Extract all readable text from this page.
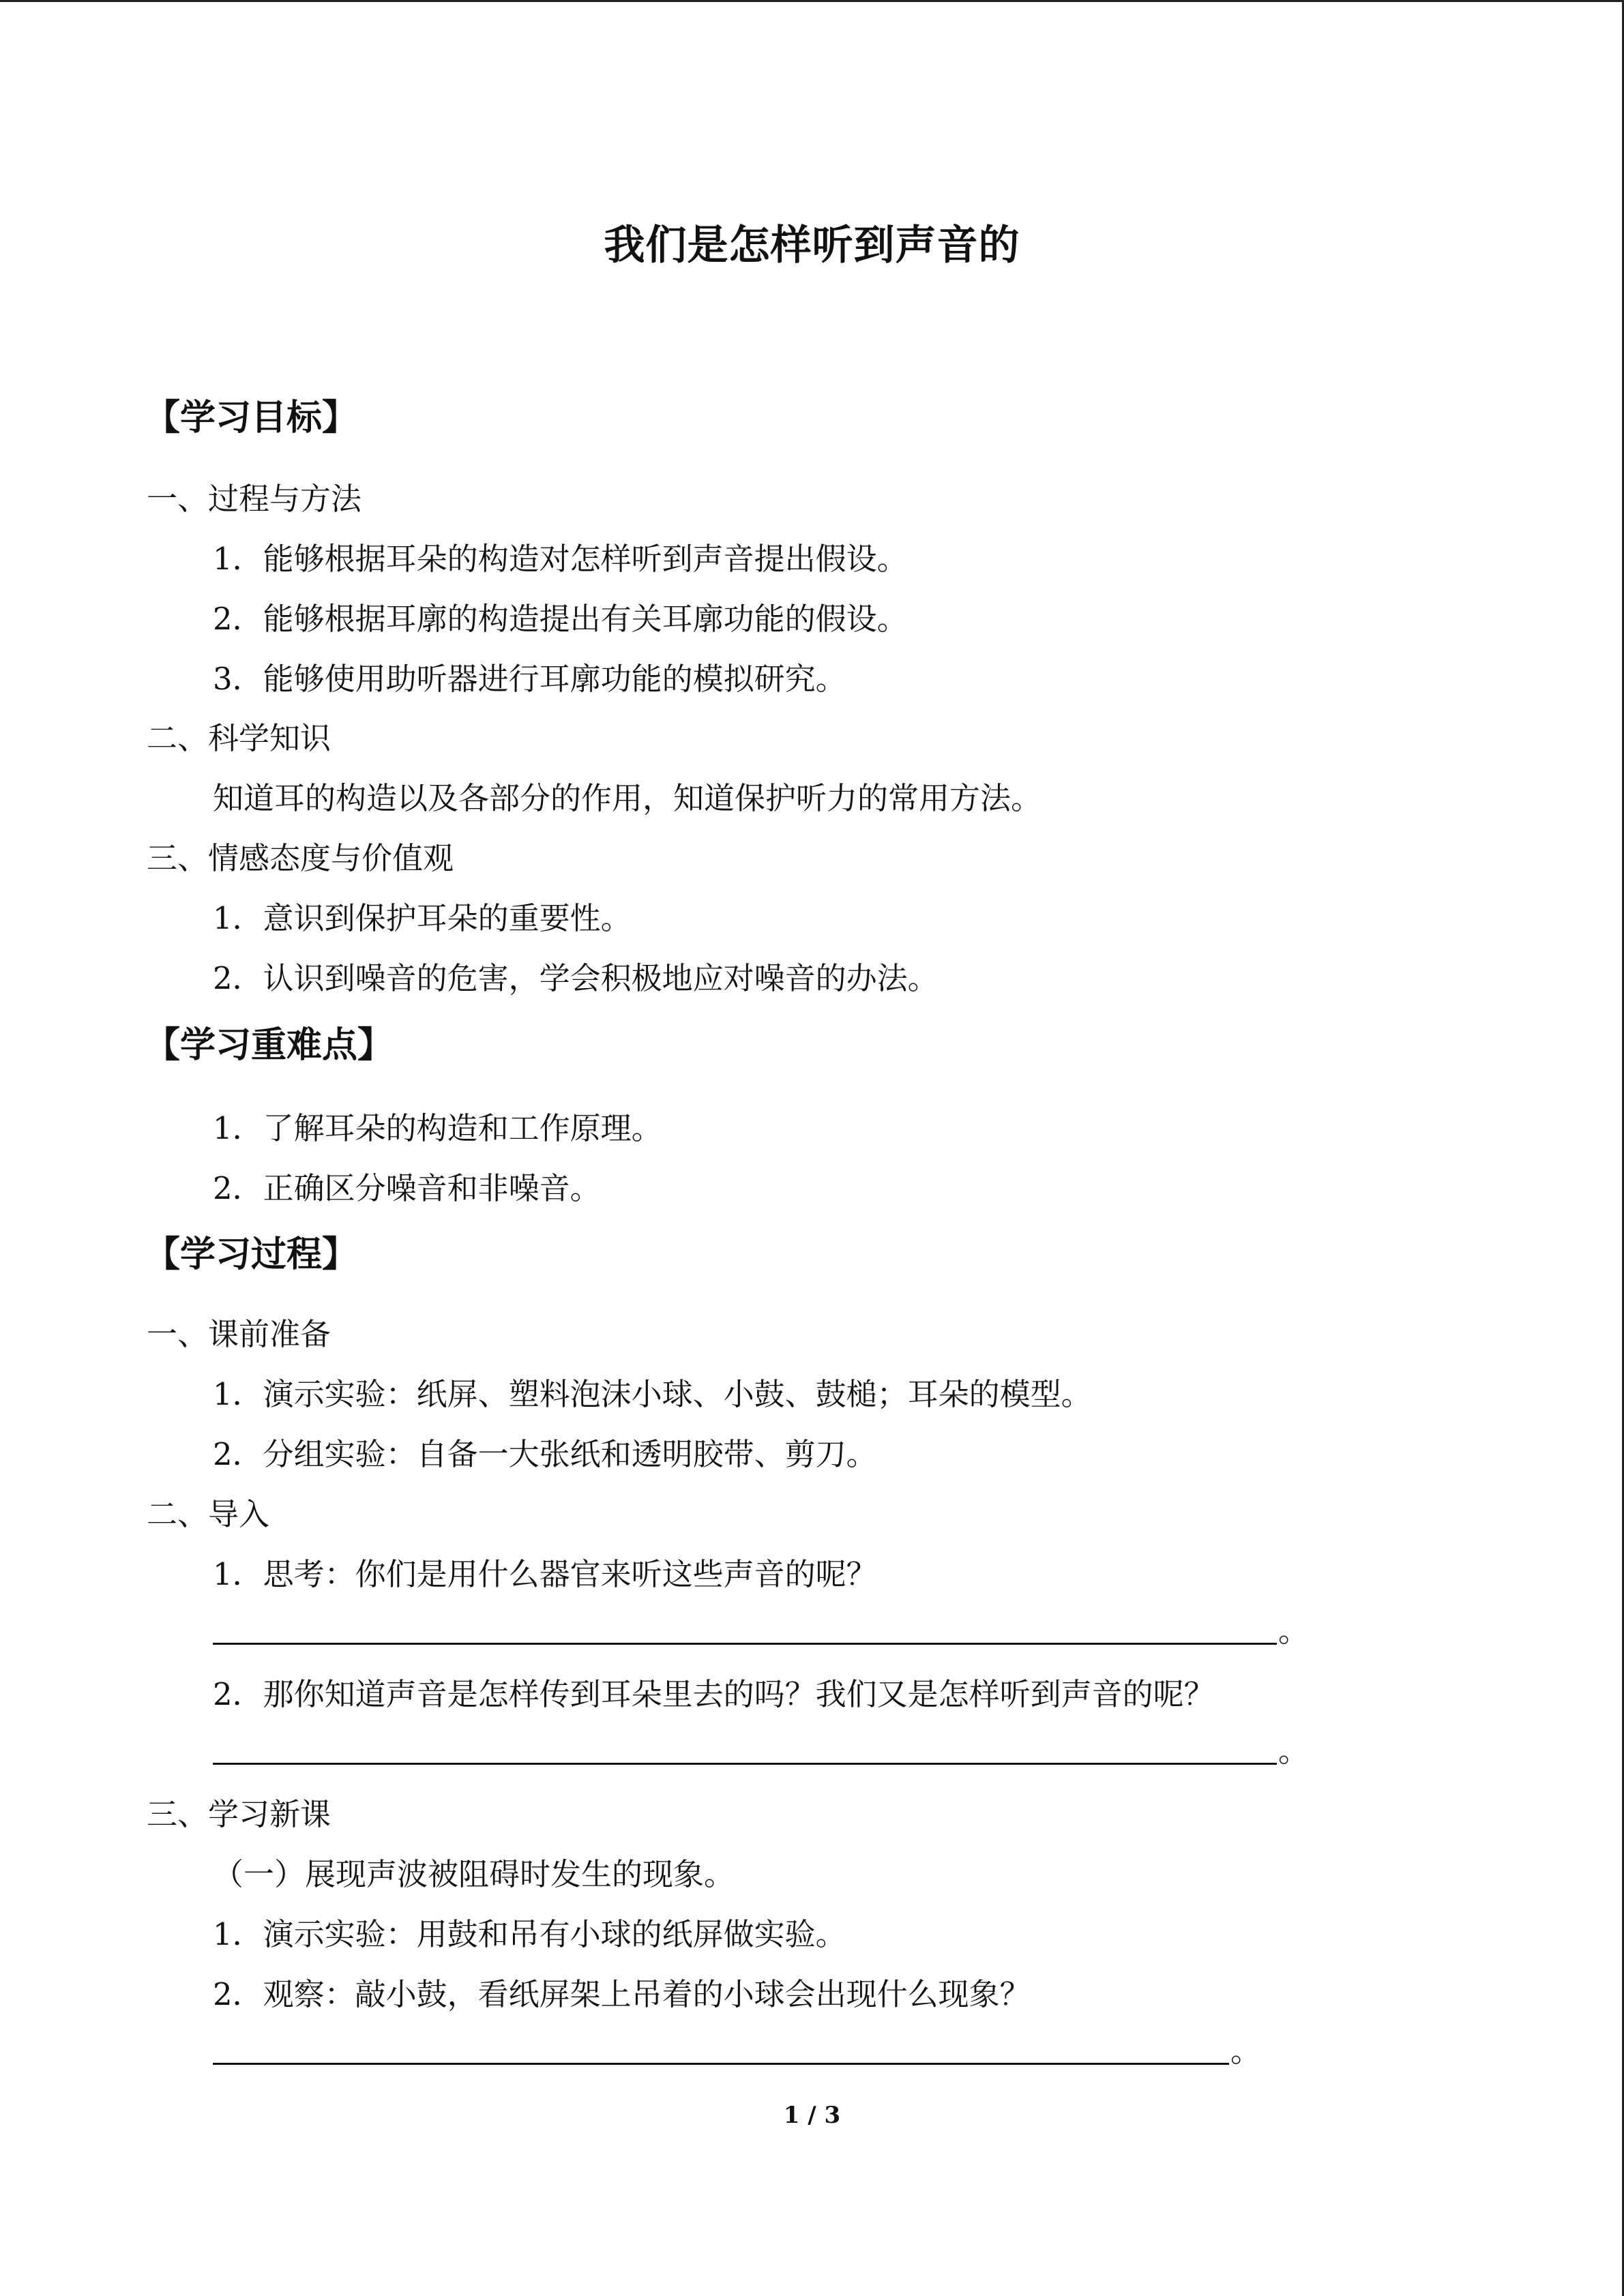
我们是怎样听到声音的
【学习目标】
一、过程与方法
1．能够根据耳朵的构造对怎样听到声音提出假设。
2．能够根据耳廓的构造提出有关耳廓功能的假设。
3．能够使用助听器进行耳廓功能的模拟研究。
二、科学知识
知道耳的构造以及各部分的作用，知道保护听力的常用方法。
三、情感态度与价值观
1．意识到保护耳朵的重要性。
2．认识到噪音的危害，学会积极地应对噪音的办法。
【学习重难点】
1．了解耳朵的构造和工作原理。
2．正确区分噪音和非噪音。
【学习过程】
一、课前准备
1．演示实验：纸屏、塑料泡沫小球、小鼓、鼓槌；耳朵的模型。
2．分组实验：自备一大张纸和透明胶带、剪刀。
二、导入
1．思考：你们是用什么器官来听这些声音的呢？
。
2．那你知道声音是怎样传到耳朵里去的吗？我们又是怎样听到声音的呢？
。
三、学习新课
（一）展现声波被阻碍时发生的现象。
1．演示实验：用鼓和吊有小球的纸屏做实验。
2．观察：敲小鼓，看纸屏架上吊着的小球会出现什么现象？
。
1 / 3
